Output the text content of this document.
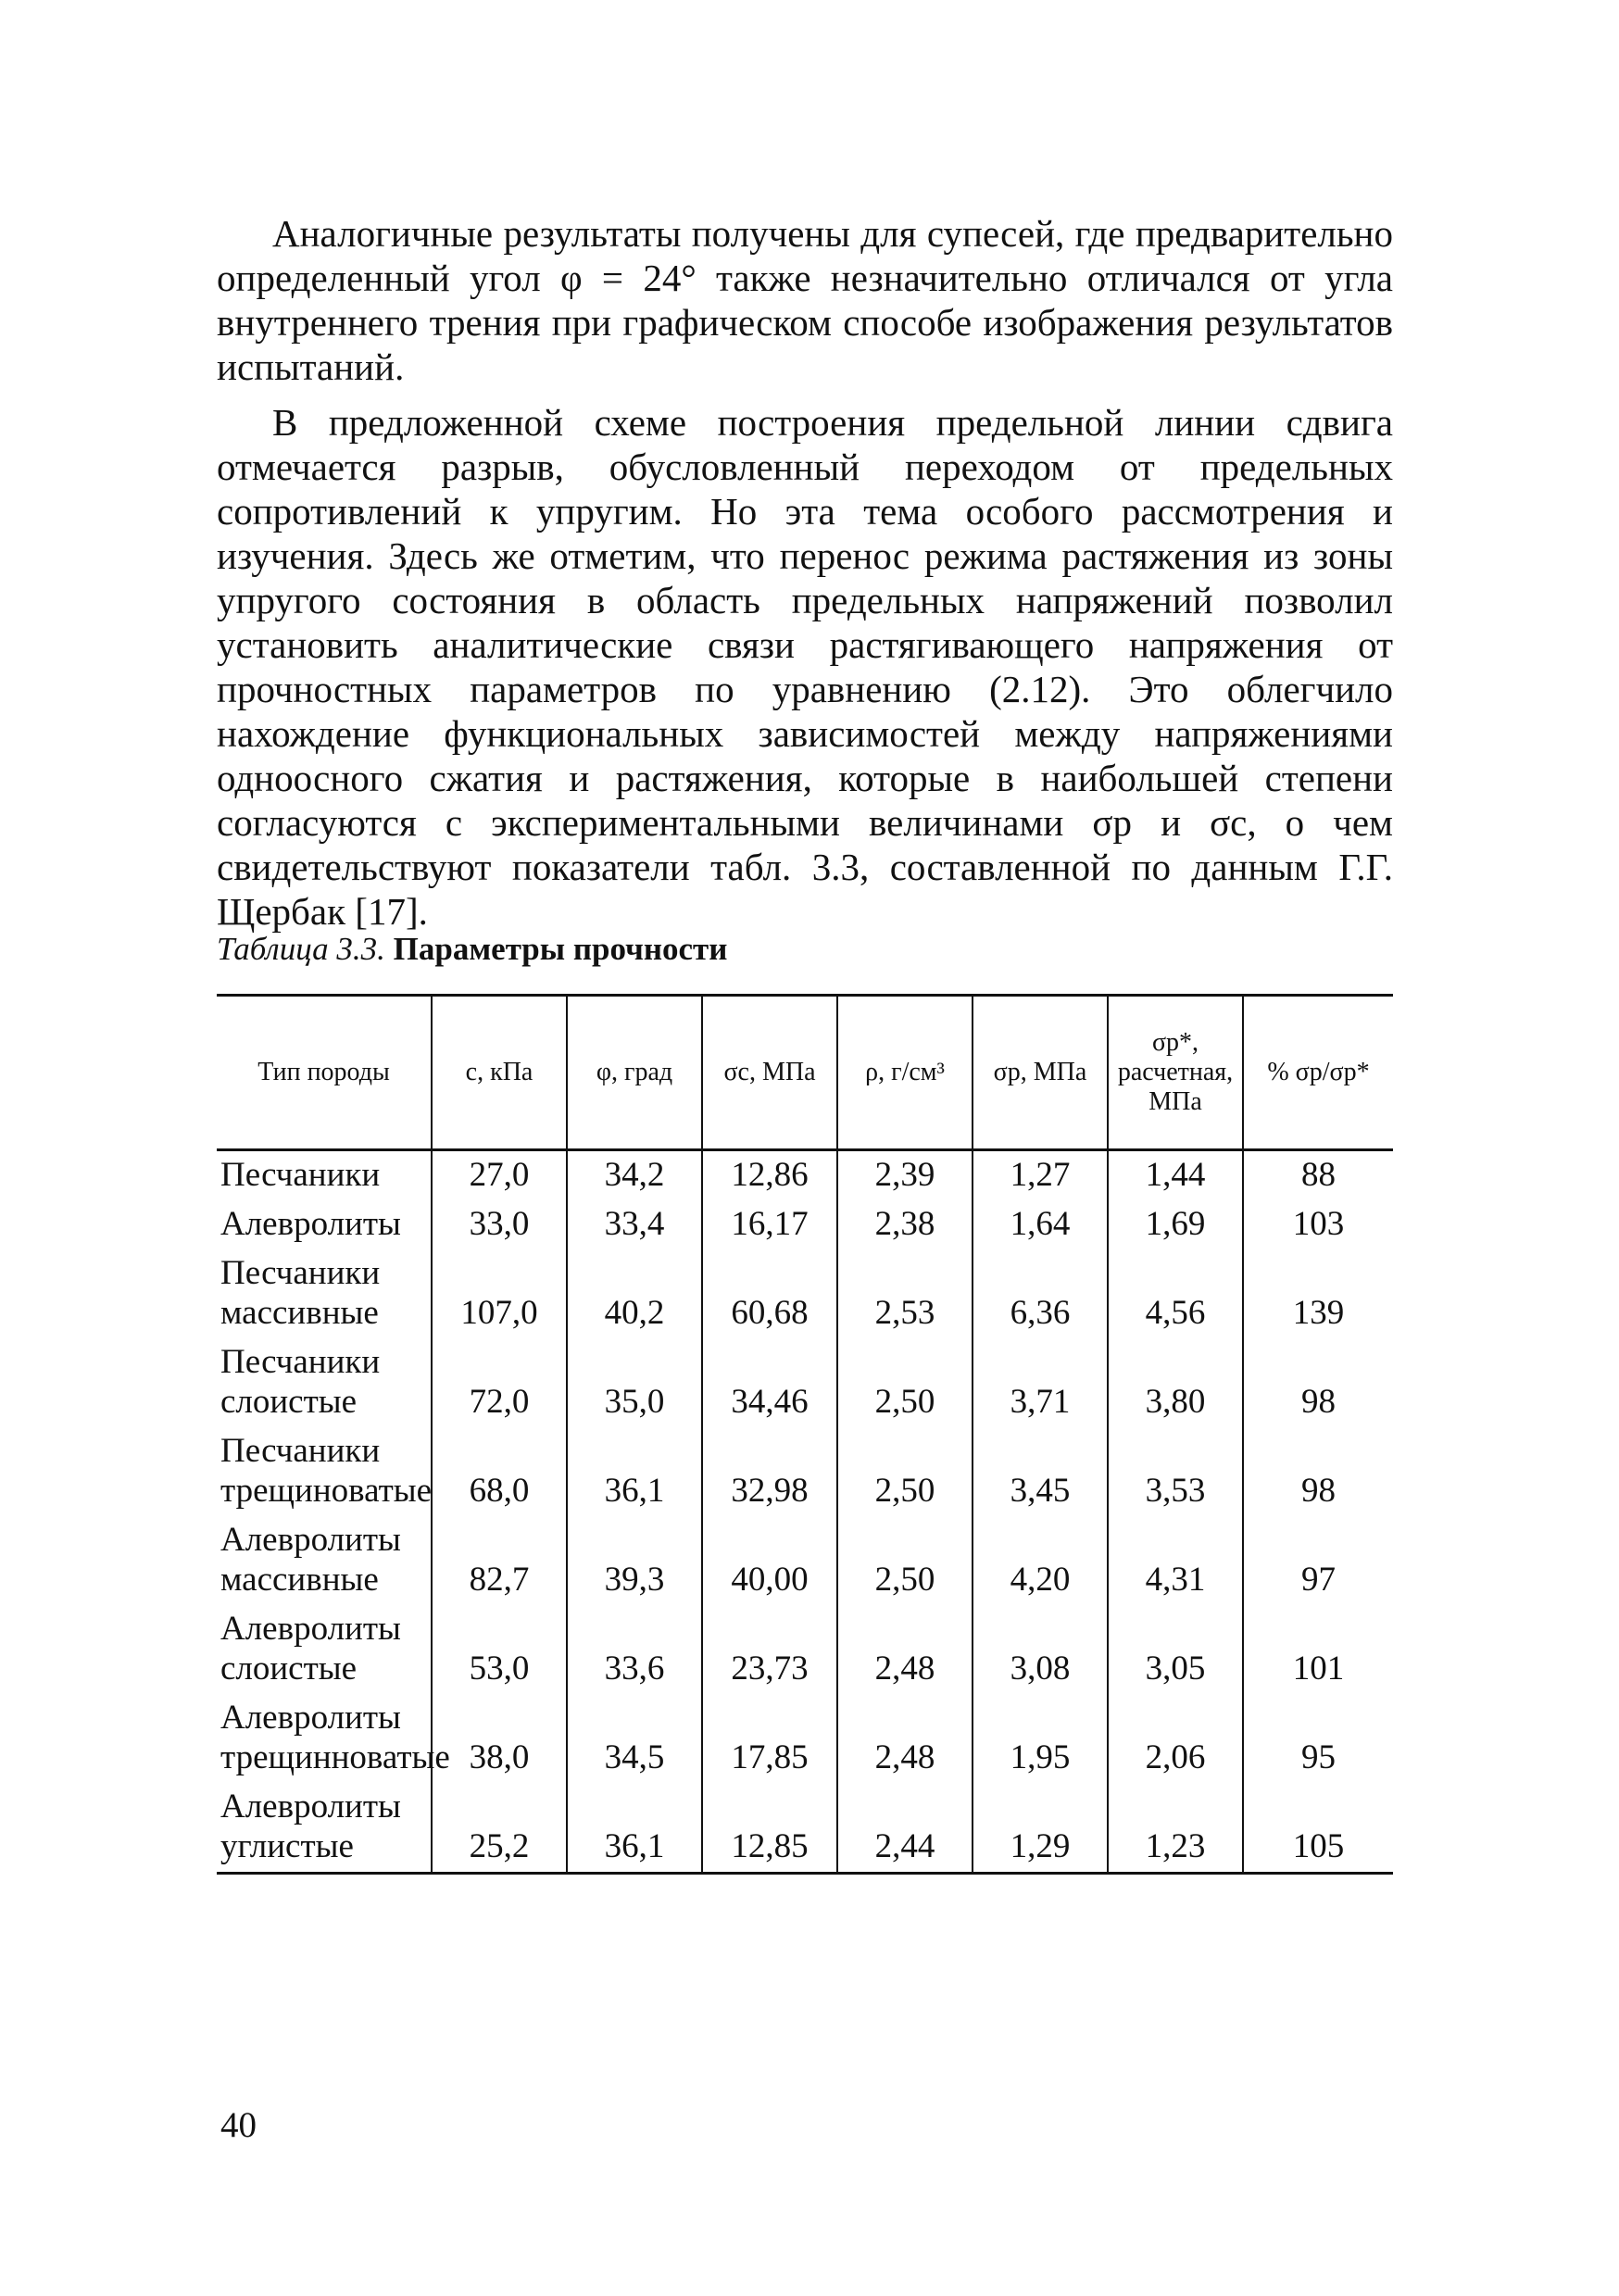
Аналогичные результаты получены для супесей, где предварительно определенный угол φ = 24° также незначительно отличался от угла внутреннего трения при графическом способе изображения результатов испытаний.

В предложенной схеме построения предельной линии сдвига отмечается разрыв, обусловленный переходом от предельных сопротивлений к упругим. Но эта тема особого рассмотрения и изучения. Здесь же отметим, что перенос режима растяжения из зоны упругого состояния в область предельных напряжений позволил установить аналитические связи растягивающего напряжения от прочностных параметров по уравнению (2.12). Это облегчило нахождение функциональных зависимостей между напряжениями одноосного сжатия и растяжения, которые в наибольшей степени согласуются с экспериментальными величинами σp и σc, о чем свидетельствуют показатели табл. 3.3, составленной по данным Г.Г. Щербак [17].

Таблица 3.3. Параметры прочности
Тип породы	c, кПа	φ, град	σc, МПа	ρ, г/см³	σp, МПа	σp*, расчетная, МПа	% σp/σp*
Песчаники	27,0	34,2	12,86	2,39	1,27	1,44	88
Алевролиты	33,0	33,4	16,17	2,38	1,64	1,69	103
Песчаники массивные	107,0	40,2	60,68	2,53	6,36	4,56	139
Песчаники слоистые	72,0	35,0	34,46	2,50	3,71	3,80	98
Песчаники трещиноватые	68,0	36,1	32,98	2,50	3,45	3,53	98
Алевролиты массивные	82,7	39,3	40,00	2,50	4,20	4,31	97
Алевролиты слоистые	53,0	33,6	23,73	2,48	3,08	3,05	101
Алевролиты трещинноватые	38,0	34,5	17,85	2,48	1,95	2,06	95
Алевролиты углистые	25,2	36,1	12,85	2,44	1,29	1,23	105
40
